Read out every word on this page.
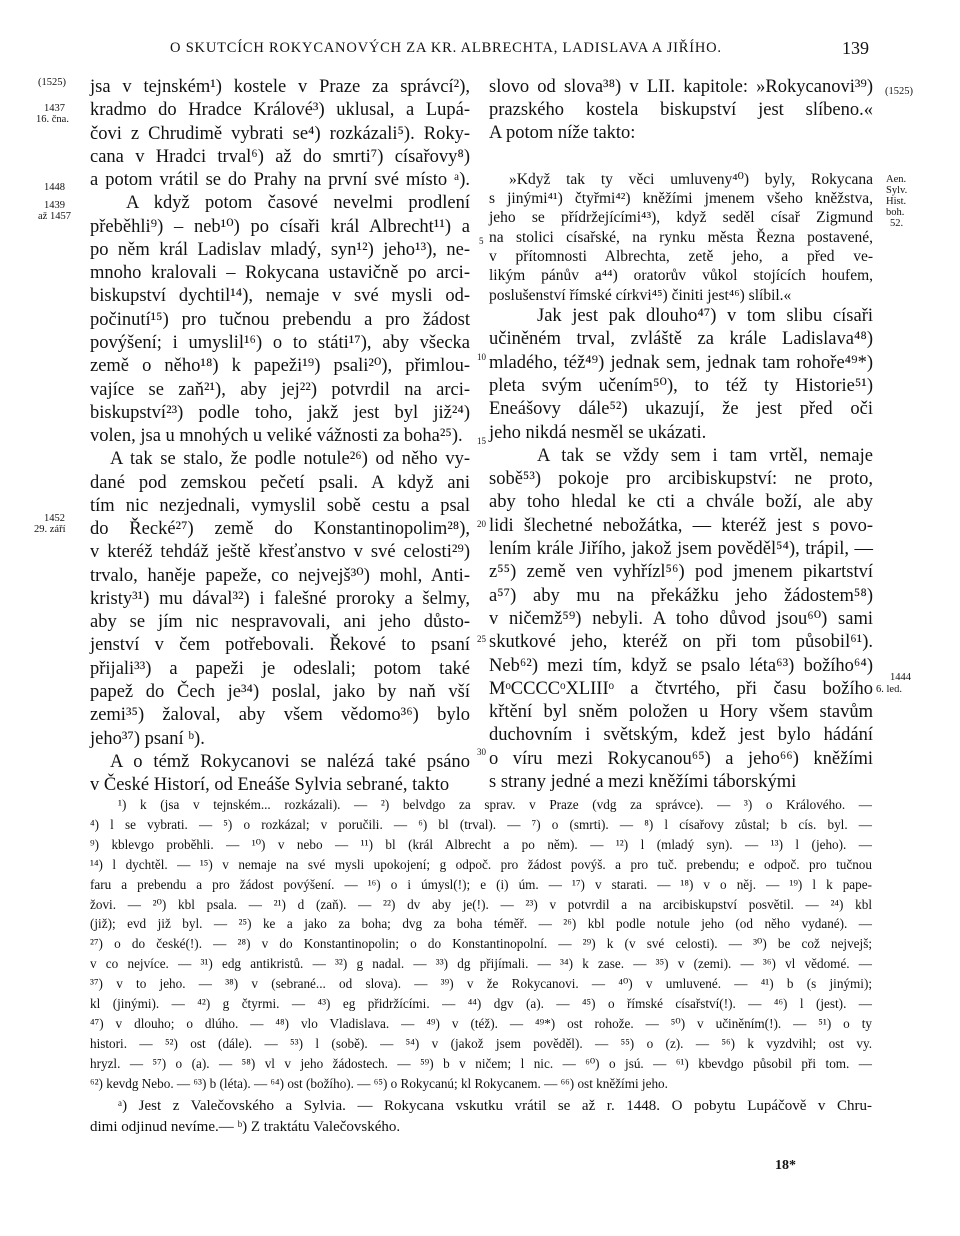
O SKUTCÍCH ROKYCANOVÝCH ZA KR. ALBRECHTA, LADISLAVA A JIŘÍHO.	139
jsa v tejnském¹) kostele v Praze za správcí²),
kradmo do Hradce Králové³) uklusal, a Lupá-
čovi z Chrudimě vybrati se⁴) rozkázali⁵). Roky-
cana v Hradci trval⁶) až do smrti⁷) císařovy⁸)
a potom vrátil se do Prahy na první své místo ᵃ).
A když potom časové nevelmi prodlení
přeběhli⁹) – neb¹⁰) po císaři král Albrecht¹¹) a
po něm král Ladislav mladý, syn¹²) jeho¹³), ne-
mnoho kralovali – Rokycana ustavičně po arci-
biskupství dychtil¹⁴), nemaje v své mysli od-
počinutí¹⁵) pro tučnou prebendu a pro žádost
povýšení; i umyslil¹⁶) o to státi¹⁷), aby všecka
země o něho¹⁸) k papeži¹⁹) psali²⁰), přimlou-
vajíce se zaň²¹), aby jej²²) potvrdil na arci-
biskupství²³) podle toho, jakž jest byl již²⁴)
volen, jsa u mnohých u veliké vážnosti za boha²⁵).
A tak se stalo, že podle notule²⁶) od něho vy-
dané pod zemskou pečetí psali. A když ani
tím nic nezjednali, vymyslil sobě cestu a psal
do Řecké²⁷) země do Konstantinopolim²⁸),
v kteréž tehdáž ještě křesťanstvo v své celosti²⁹)
trvalo, haněje papeže, co nejvejš³⁰) mohl, Anti-
kristy³¹) mu dával³²) i falešné proroky a šelmy,
aby se jím nic nespravovali, ani jeho důsto-
jenství v čem potřebovali. Řekové to psaní
přijali³³) a papeži je odeslali; potom také
papež do Čech je³⁴) poslal, jako by naň vší
zemi³⁵) žaloval, aby všem vědomo³⁶) bylo
jeho³⁷) psaní ᵇ).
A o témž Rokycanovi se nalézá také psáno
v České Historí, od Eneáše Sylvia sebrané, takto
slovo od slova³⁸) v LII. kapitole: »Rokycanovi³⁹)
prazského kostela biskupství jest slíbeno.«
A potom níže takto:
»Když tak ty věci umluveny⁴⁰) byly, Rokycana
s jinými⁴¹) čtyřmi⁴²) kněžími jmenem všeho kněžstva,
jeho se přídržejícími⁴³), když seděl císař Zigmund
na stolici císařské, na rynku města Řezna postavené,
v přítomnosti Albrechta, zetě jeho, a před ve-
likým pánův a⁴⁴) oratorův vůkol stojících houfem,
poslušenství římské církvi⁴⁵) činiti jest⁴⁶) slíbil.«
Jak jest pak dlouho⁴⁷) v tom slibu císaři
učiněném trval, zvláště za krále Ladislava⁴⁸)
mladého, též⁴⁹) jednak sem, jednak tam rohoře⁴⁹*)
pleta svým učením⁵⁰), to též ty Historie⁵¹)
Eneášovy dále⁵²) ukazují, že jest před oči
jeho nikdá nesměl se ukázati.
A tak se vždy sem i tam vrtěl, nemaje
sobě⁵³) pokoje pro arcibiskupství: ne proto,
aby toho hledal ke cti a chvále boží, ale aby
lidi šlechetné nebožátka, — kteréž jest s povo-
lením krále Jiřího, jakož jsem pověděl⁵⁴), trápil, —
z⁵⁵) země ven vyhřízl⁵⁶) pod jmenem pikartství
a⁵⁷) aby mu na překážku jeho žádostem⁵⁸)
v ničemž⁵⁹) nebyli. A toho důvod jsou⁶⁰) sami
skutkové jeho, kteréž on při tom působil⁶¹).
Neb⁶²) mezi tím, když se psalo léta⁶³) božího⁶⁴)
MᵒCCCCᵒXLIIIᵒ a čtvrtého, při času božího
křtění byl sněm položen u Hory všem stavům
duchovním i světským, kdež jest bylo hádání
o víru mezi Rokycanou⁶⁵) a jeho⁶⁶) kněžími
s strany jedné a mezi kněžími táborskými
¹) k (jsa v tejnském... rozkázali). — ²) belvdgo za sprav. v Praze (vdg za správce). — ³) o Králového. —
⁴) l se vybrati. — ⁵) o rozkázal; v poručili. — ⁶) bl (trval). — ⁷) o (smrti). — ⁸) l císařovy zůstal; b cís. byl. —
⁹) kblevgo proběhli. — ¹⁰) v nebo — ¹¹) bl (král Albrecht a po něm). — ¹²) l (mladý syn). — ¹³) l (jeho). —
¹⁴) l dychtěl. — ¹⁵) v nemaje na své mysli upokojení; g odpoč. pro žádost povýš. a pro tuč. prebendu; e odpoč. pro tučnou
faru a prebendu a pro žádost povýšení. — ¹⁶) o i úmysl(!); e (i) úm. — ¹⁷) v starati. — ¹⁸) v o něj. — ¹⁹) l k pape-
žovi. — ²⁰) kbl psala. — ²¹) d (zaň). — ²²) dv aby je(!). — ²³) v potvrdil a na arcibiskupství posvětil. — ²⁴) kbl
(již); evd již byl. — ²⁵) ke a jako za boha; dvg za boha téměř. — ²⁶) kbl podle notule jeho (od něho vydané). —
²⁷) o do české(!). — ²⁸) v do Konstantinopolin; o do Konstantinopolní. — ²⁹) k (v své celosti). — ³⁰) be což nejvejš;
v co nejvíce. — ³¹) edg antikristů. — ³²) g nadal. — ³³) dg přijímali. — ³⁴) k zase. — ³⁵) v (zemi). — ³⁶) vl vědomé. —
³⁷) v to jeho. — ³⁸) v (sebrané... od slova). — ³⁹) v že Rokycanovi. — ⁴⁰) v umluvené. — ⁴¹) b (s jinými);
kl (jinými). — ⁴²) g čtyrmi. — ⁴³) eg přidržícími. — ⁴⁴) dgv (a). — ⁴⁵) o římské císařství(!). — ⁴⁶) l (jest). —
⁴⁷) v dlouho; o dlúho. — ⁴⁸) vlo Vladislava. — ⁴⁹) v (též). — ⁴⁹*) ost rohože. — ⁵⁰) v učiněním(!). — ⁵¹) o ty
histori. — ⁵²) ost (dále). — ⁵³) l (sobě). — ⁵⁴) v (jakož jsem pověděl). — ⁵⁵) o (z). — ⁵⁶) k vyzdvihl; ost vy.
hryzl. — ⁵⁷) o (a). — ⁵⁸) vl v jeho žádostech. — ⁵⁹) b v ničem; l nic. — ⁶⁰) o jsú. — ⁶¹) kbevdgo působil při tom. —
⁶²) kevdg Nebo. — ⁶³) b (léta). — ⁶⁴) ost (božího). — ⁶⁵) o Rokycanú; kl Rokycanem. — ⁶⁶) ost kněžími jeho.
ᵃ) Jest z Valečovského a Sylvia. — Rokycana vskutku vrátil se až r. 1448. O pobytu Lupáčově v Chru-
dimi odjinud nevíme.— ᵇ) Z traktátu Valečovského.
(1525)
1437
16. čna.
1448
1439
až 1457
1452
29. září
(1525)
Aen.
Sylv.
Hist.
boh.
52.
1444
6. led.
5
10
15
20
25
30
18*
